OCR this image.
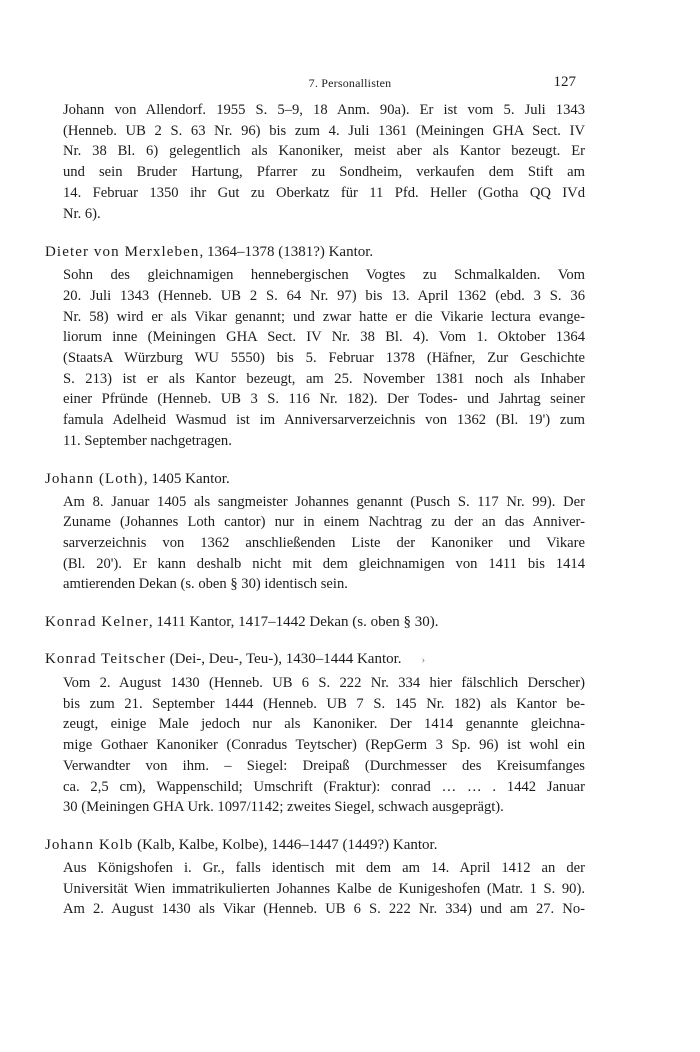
7. Personallisten	127
Johann von Allendorf. 1955 S. 5–9, 18 Anm. 90a). Er ist vom 5. Juli 1343
(Henneb. UB 2 S. 63 Nr. 96) bis zum 4. Juli 1361 (Meiningen GHA Sect. IV
Nr. 38 Bl. 6) gelegentlich als Kanoniker, meist aber als Kantor bezeugt. Er
und sein Bruder Hartung, Pfarrer zu Sondheim, verkaufen dem Stift am
14. Februar 1350 ihr Gut zu Oberkatz für 11 Pfd. Heller (Gotha QQ IVd
Nr. 6).
Dieter von Merxleben, 1364–1378 (1381?) Kantor.
Sohn des gleichnamigen hennebergischen Vogtes zu Schmalkalden. Vom
20. Juli 1343 (Henneb. UB 2 S. 64 Nr. 97) bis 13. April 1362 (ebd. 3 S. 36
Nr. 58) wird er als Vikar genannt; und zwar hatte er die Vikarie lectura evange-
liorum inne (Meiningen GHA Sect. IV Nr. 38 Bl. 4). Vom 1. Oktober 1364
(StaatsA Würzburg WU 5550) bis 5. Februar 1378 (Häfner, Zur Geschichte
S. 213) ist er als Kantor bezeugt, am 25. November 1381 noch als Inhaber
einer Pfründe (Henneb. UB 3 S. 116 Nr. 182). Der Todes- und Jahrtag seiner
famula Adelheid Wasmud ist im Anniversarverzeichnis von 1362 (Bl. 19') zum
11. September nachgetragen.
Johann (Loth), 1405 Kantor.
Am 8. Januar 1405 als sangmeister Johannes genannt (Pusch S. 117 Nr. 99). Der
Zuname (Johannes Loth cantor) nur in einem Nachtrag zu der an das Anniver-
sarverzeichnis von 1362 anschließenden Liste der Kanoniker und Vikare
(Bl. 20'). Er kann deshalb nicht mit dem gleichnamigen von 1411 bis 1414
amtierenden Dekan (s. oben § 30) identisch sein.
Konrad Kelner, 1411 Kantor, 1417–1442 Dekan (s. oben § 30).
Konrad Teitscher (Dei-, Deu-, Teu-), 1430–1444 Kantor. ›
Vom 2. August 1430 (Henneb. UB 6 S. 222 Nr. 334 hier fälschlich Derscher)
bis zum 21. September 1444 (Henneb. UB 7 S. 145 Nr. 182) als Kantor be-
zeugt, einige Male jedoch nur als Kanoniker. Der 1414 genannte gleichna-
mige Gothaer Kanoniker (Conradus Teytscher) (RepGerm 3 Sp. 96) ist wohl ein
Verwandter von ihm. – Siegel: Dreipaß (Durchmesser des Kreisumfanges
ca. 2,5 cm), Wappenschild; Umschrift (Fraktur): conrad … … . 1442 Januar
30 (Meiningen GHA Urk. 1097/1142; zweites Siegel, schwach ausgeprägt).
Johann Kolb (Kalb, Kalbe, Kolbe), 1446–1447 (1449?) Kantor.
Aus Königshofen i. Gr., falls identisch mit dem am 14. April 1412 an der
Universität Wien immatrikulierten Johannes Kalbe de Kunigeshofen (Matr. 1 S. 90).
Am 2. August 1430 als Vikar (Henneb. UB 6 S. 222 Nr. 334) und am 27. No-
